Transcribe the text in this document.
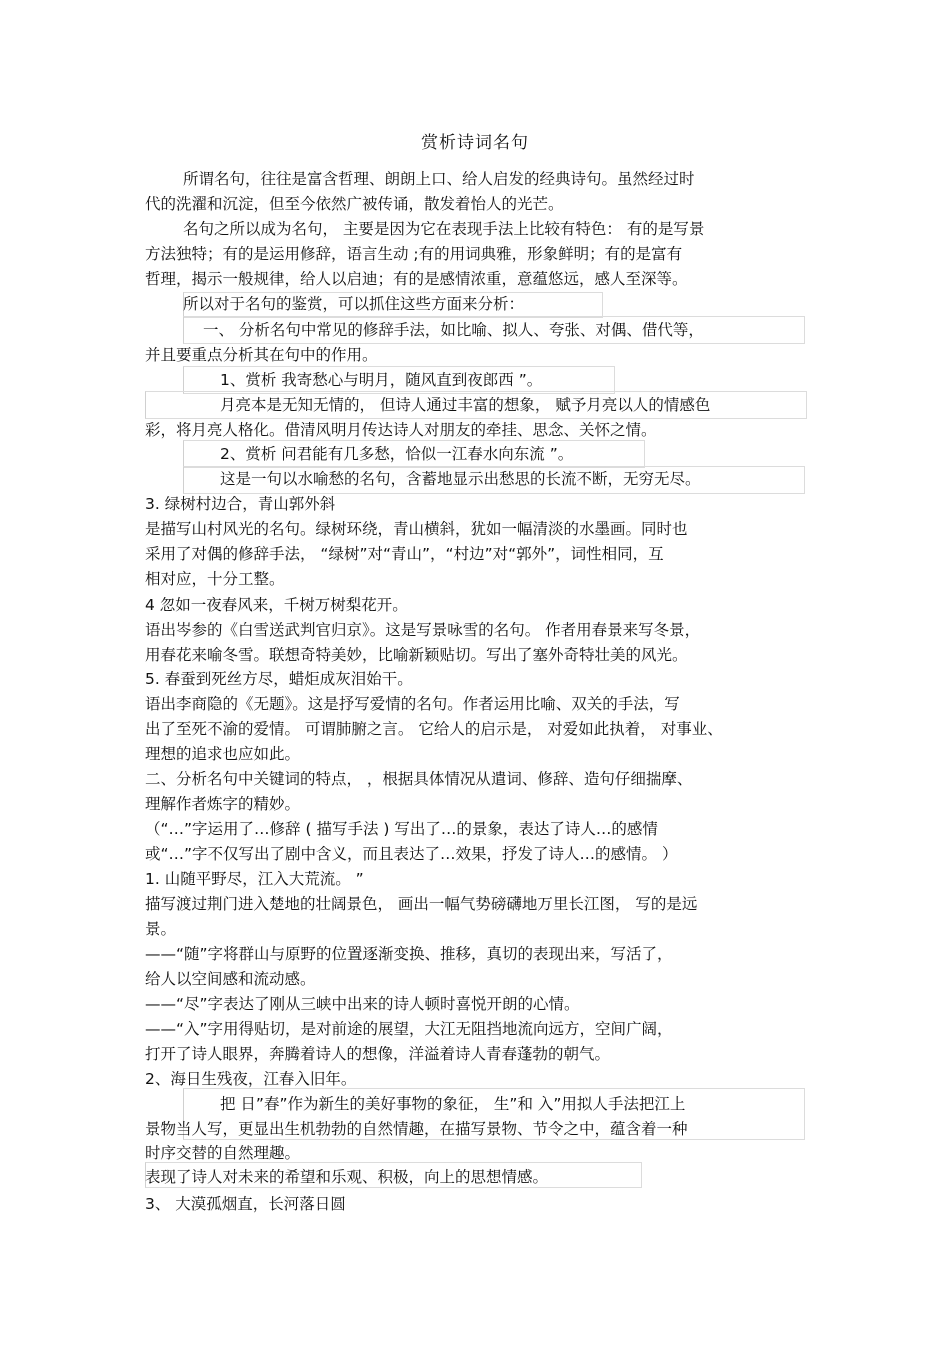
赏析诗词名句
所谓名句，往往是富含哲理、朗朗上口、给人启发的经典诗句。虽然经过时
代的洗濯和沉淀，但至今依然广被传诵，散发着怡人的光芒。
名句之所以成为名句， 主要是因为它在表现手法上比较有特色： 有的是写景
方法独特；有的是运用修辞，语言生动 ;有的用词典雅，形象鲜明；有的是富有
哲理，揭示一般规律，给人以启迪；有的是感情浓重，意蕴悠远，感人至深等。
所以对于名句的鉴赏，可以抓住这些方面来分析：
一、 分析名句中常见的修辞手法，如比喻、拟人、夸张、对偶、借代等，
并且要重点分析其在句中的作用。
1、赏析 我寄愁心与明月，随风直到夜郎西 ”。
月亮本是无知无情的， 但诗人通过丰富的想象， 赋予月亮以人的情感色
彩，将月亮人格化。借清风明月传达诗人对朋友的牵挂、思念、关怀之情。
2、赏析 问君能有几多愁，恰似一江春水向东流 ”。
这是一句以水喻愁的名句，含蓄地显示出愁思的长流不断，无穷无尽。
3. 绿树村边合，青山郭外斜
是描写山村风光的名句。绿树环绕，青山横斜，犹如一幅清淡的水墨画。同时也
采用了对偶的修辞手法， “绿树”对“青山”，“村边”对“郭外”，词性相同，互
相对应，十分工整。
4 忽如一夜春风来，千树万树梨花开。
语出岑参的《白雪送武判官归京》。这是写景咏雪的名句。 作者用春景来写冬景，
用春花来喻冬雪。联想奇特美妙，比喻新颖贴切。写出了塞外奇特壮美的风光。
5. 春蚕到死丝方尽，蜡炬成灰泪始干。
语出李商隐的《无题》。这是抒写爱情的名句。作者运用比喻、双关的手法，写
出了至死不渝的爱情。 可谓肺腑之言。 它给人的启示是， 对爱如此执着， 对事业、
理想的追求也应如此。
二、分析名句中关键词的特点， ，根据具体情况从遣词、修辞、造句仔细揣摩、
理解作者炼字的精妙。
（“…”字运用了…修辞 ( 描写手法 ) 写出了…的景象，表达了诗人…的感情
或“…”字不仅写出了剧中含义，而且表达了…效果，抒发了诗人…的感情。 ）
1. 山随平野尽，江入大荒流。 ”
描写渡过荆门进入楚地的壮阔景色， 画出一幅气势磅礴地万里长江图， 写的是远
景。
——“随”字将群山与原野的位置逐渐变换、推移，真切的表现出来，写活了，
给人以空间感和流动感。
——“尽”字表达了刚从三峡中出来的诗人顿时喜悦开朗的心情。
——“入”字用得贴切，是对前途的展望，大江无阻挡地流向远方，空间广阔，
打开了诗人眼界，奔腾着诗人的想像，洋溢着诗人青春蓬勃的朝气。
2、海日生残夜，江春入旧年。
把 日”春”作为新生的美好事物的象征， 生”和 入”用拟人手法把江上
景物当人写，更显出生机勃勃的自然情趣，在描写景物、节令之中，蕴含着一种
时序交替的自然理趣。
表现了诗人对未来的希望和乐观、积极，向上的思想情感。
3、 大漠孤烟直，长河落日圆
